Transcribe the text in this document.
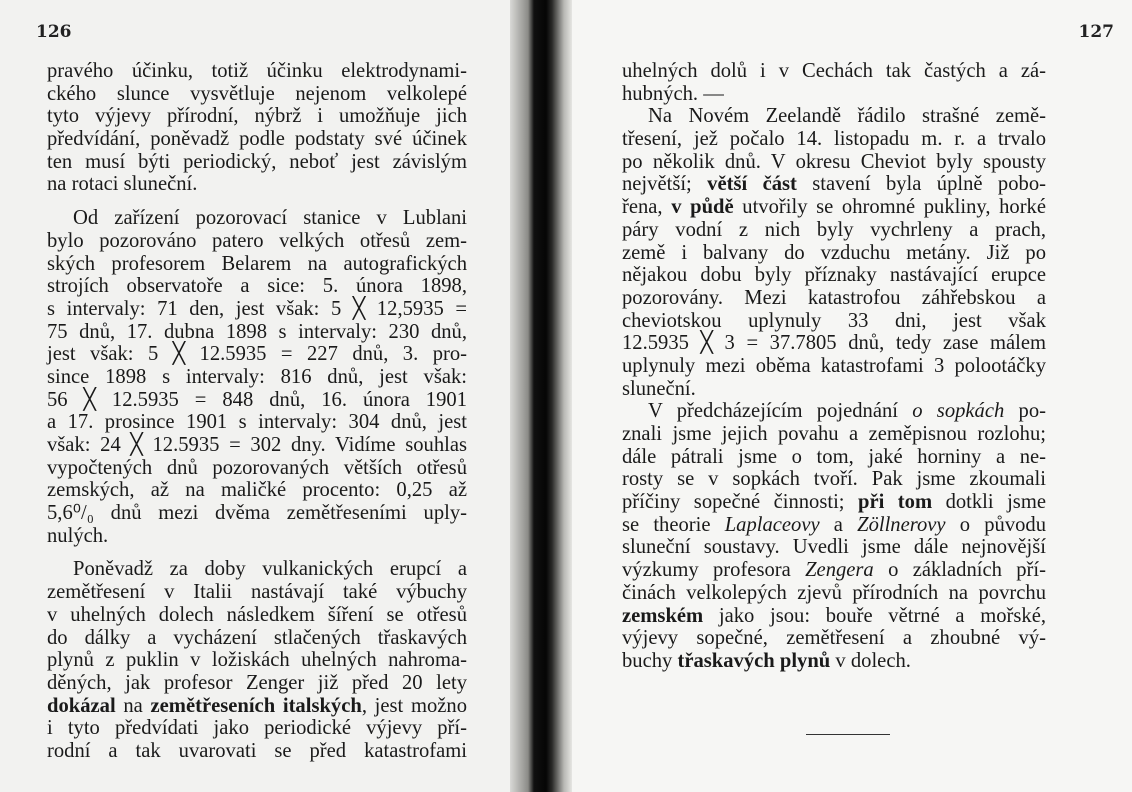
126
pravého účinku, totiž účinku elektrodynami-
ckého slunce vysvětluje nejenom velkolepé
tyto výjevy přírodní, nýbrž i umožňuje jich
předvídání, poněvadž podle podstaty své účinek
ten musí býti periodický, neboť jest závislým
na rotaci sluneční.
Od zařízení pozorovací stanice v Lublani
bylo pozorováno patero velkých otřesů zem-
ských profesorem Belarem na autografických
strojích observatoře a sice: 5. února 1898,
s intervaly: 71 den, jest však: 5 ╳ 12,5935 =
75 dnů, 17. dubna 1898 s intervaly: 230 dnů,
jest však: 5 ╳ 12.5935 = 227 dnů, 3. pro-
since 1898 s intervaly: 816 dnů, jest však:
56 ╳ 12.5935 = 848 dnů, 16. února 1901
a 17. prosince 1901 s intervaly: 304 dnů, jest
však: 24 ╳ 12.5935 = 302 dny. Vidíme souhlas
vypočtených dnů pozorovaných větších otřesů
zemských, až na maličké procento: 0,25 až
5,6⁰/₀ dnů mezi dvěma zemětřeseními uply-
nulých.
Poněvadž za doby vulkanických erupcí a
zemětřesení v Italii nastávají také výbuchy
v uhelných dolech následkem šíření se otřesů
do dálky a vycházení stlačených třaskavých
plynů z puklin v ložiskách uhelných nahroma-
děných, jak profesor Zenger již před 20 lety
dokázal na zemětřeseních italských, jest možno
i tyto předvídati jako periodické výjevy pří-
rodní a tak uvarovati se před katastrofami
127
uhelných dolů i v Cechách tak častých a zá-
hubných. —
Na Novém Zeelandě řádilo strašné země-
třesení, jež počalo 14. listopadu m. r. a trvalo
po několik dnů. V okresu Cheviot byly spousty
největší; větší část stavení byla úplně pobo-
řena, v půdě utvořily se ohromné pukliny, horké
páry vodní z nich byly vychrleny a prach,
země i balvany do vzduchu metány. Již po
nějakou dobu byly příznaky nastávající erupce
pozorovány. Mezi katastrofou záhřebskou a
cheviotskou uplynuly 33 dni, jest však
12.5935 ╳ 3 = 37.7805 dnů, tedy zase málem
uplynuly mezi oběma katastrofami 3 polootáčky
sluneční.
V předcházejícím pojednání o sopkách po-
znali jsme jejich povahu a zeměpisnou rozlohu;
dále pátrali jsme o tom, jaké horniny a ne-
rosty se v sopkách tvoří. Pak jsme zkoumali
příčiny sopečné činnosti; při tom dotkli jsme
se theorie Laplaceovy a Zöllnerovy o původu
sluneční soustavy. Uvedli jsme dále nejnovější
výzkumy profesora Zengera o základních pří-
činách velkolepých zjevů přírodních na povrchu
zemském jako jsou: bouře větrné a mořské,
výjevy sopečné, zemětřesení a zhoubné vý-
buchy třaskavých plynů v dolech.
